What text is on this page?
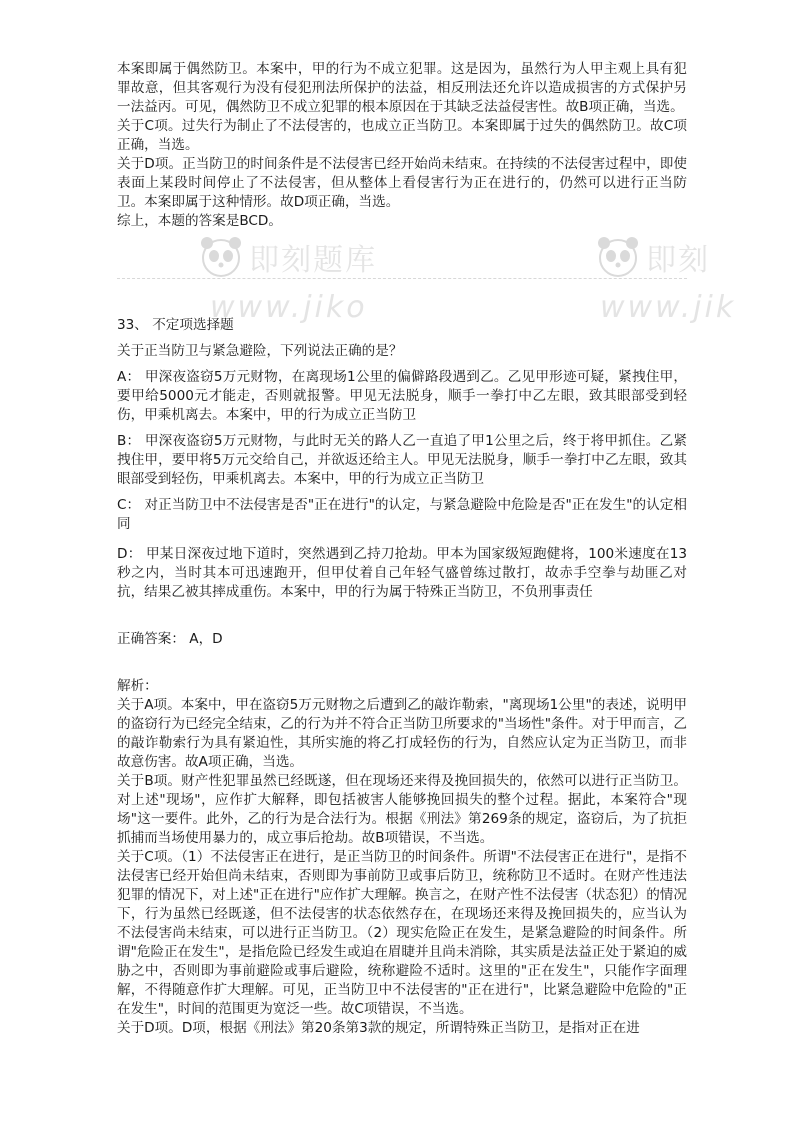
即刻题库
www.jiko
即刻
www.jik

本案即属于偶然防卫。本案中，甲的行为不成立犯罪。这是因为，虽然行为人甲主观上具有犯罪故意，但其客观行为没有侵犯刑法所保护的法益，相反刑法还允许以造成损害的方式保护另一法益丙。可见，偶然防卫不成立犯罪的根本原因在于其缺乏法益侵害性。故B项正确，当选。

关于C项。过失行为制止了不法侵害的，也成立正当防卫。本案即属于过失的偶然防卫。故C项正确，当选。

关于D项。正当防卫的时间条件是不法侵害已经开始尚未结束。在持续的不法侵害过程中，即使表面上某段时间停止了不法侵害，但从整体上看侵害行为正在进行的，仍然可以进行正当防卫。本案即属于这种情形。故D项正确，当选。

综上，本题的答案是BCD。

33、 不定项选择题

关于正当防卫与紧急避险，下列说法正确的是？

A： 甲深夜盗窃5万元财物，在离现场1公里的偏僻路段遇到乙。乙见甲形迹可疑，紧拽住甲，要甲给5000元才能走，否则就报警。甲见无法脱身，顺手一拳打中乙左眼，致其眼部受到轻伤，甲乘机离去。本案中，甲的行为成立正当防卫

B： 甲深夜盗窃5万元财物，与此时无关的路人乙一直追了甲1公里之后，终于将甲抓住。乙紧拽住甲，要甲将5万元交给自己，并欲返还给主人。甲见无法脱身，顺手一拳打中乙左眼，致其眼部受到轻伤，甲乘机离去。本案中，甲的行为成立正当防卫

C： 对正当防卫中不法侵害是否"正在进行"的认定，与紧急避险中危险是否"正在发生"的认定相同

D： 甲某日深夜过地下道时，突然遇到乙持刀抢劫。甲本为国家级短跑健将，100米速度在13秒之内，当时其本可迅速跑开，但甲仗着自己年轻气盛曾练过散打，故赤手空拳与劫匪乙对抗，结果乙被其摔成重伤。本案中，甲的行为属于特殊正当防卫，不负刑事责任

正确答案： A，D

解析：

关于A项。本案中，甲在盗窃5万元财物之后遭到乙的敲诈勒索，"离现场1公里"的表述，说明甲的盗窃行为已经完全结束，乙的行为并不符合正当防卫所要求的"当场性"条件。对于甲而言，乙的敲诈勒索行为具有紧迫性，其所实施的将乙打成轻伤的行为，自然应认定为正当防卫，而非故意伤害。故A项正确，当选。

关于B项。财产性犯罪虽然已经既遂，但在现场还来得及挽回损失的，依然可以进行正当防卫。对上述"现场"，应作扩大解释，即包括被害人能够挽回损失的整个过程。据此，本案符合"现场"这一要件。此外，乙的行为是合法行为。根据《刑法》第269条的规定，盗窃后，为了抗拒抓捕而当场使用暴力的，成立事后抢劫。故B项错误，不当选。

关于C项。（1）不法侵害正在进行，是正当防卫的时间条件。所谓"不法侵害正在进行"，是指不法侵害已经开始但尚未结束，否则即为事前防卫或事后防卫，统称防卫不适时。在财产性违法犯罪的情况下，对上述"正在进行"应作扩大理解。换言之，在财产性不法侵害（状态犯）的情况下，行为虽然已经既遂，但不法侵害的状态依然存在，在现场还来得及挽回损失的，应当认为不法侵害尚未结束，可以进行正当防卫。（2）现实危险正在发生，是紧急避险的时间条件。所谓"危险正在发生"，是指危险已经发生或迫在眉睫并且尚未消除，其实质是法益正处于紧迫的威胁之中，否则即为事前避险或事后避险，统称避险不适时。这里的"正在发生"，只能作字面理解，不得随意作扩大理解。可见，正当防卫中不法侵害的"正在进行"，比紧急避险中危险的"正在发生"，时间的范围更为宽泛一些。故C项错误，不当选。

关于D项。D项，根据《刑法》第20条第3款的规定，所谓特殊正当防卫，是指对正在进
